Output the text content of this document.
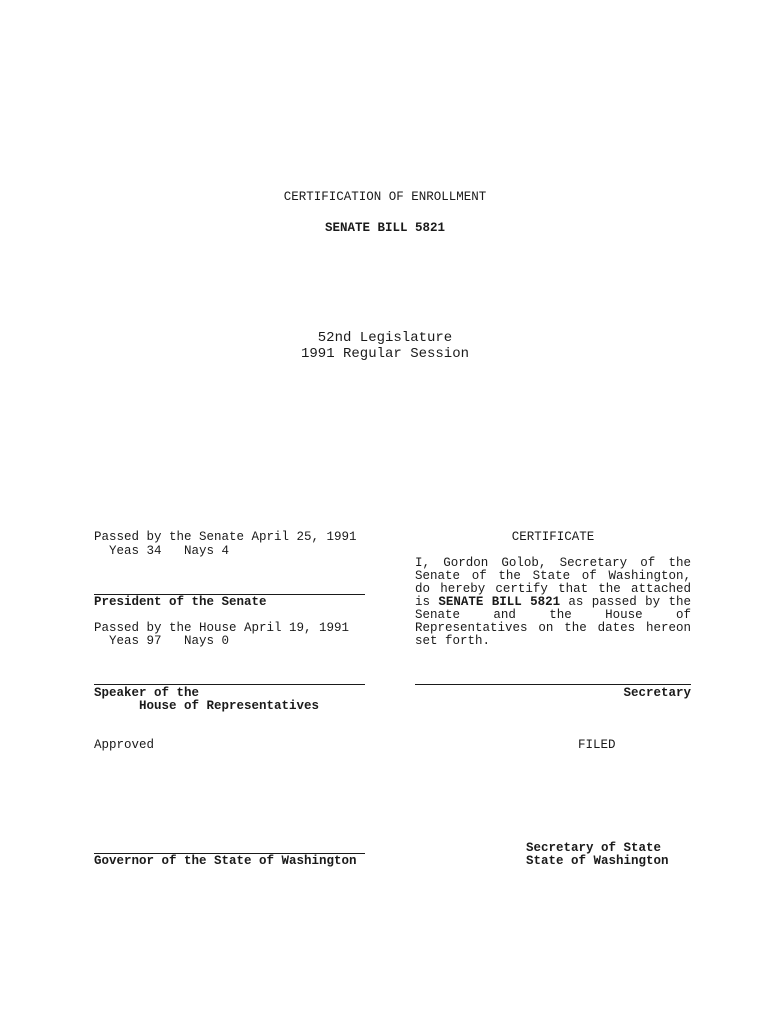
CERTIFICATION OF ENROLLMENT
SENATE BILL 5821
52nd Legislature
1991 Regular Session
Passed by the Senate April 25, 1991
Yeas 34   Nays 4
President of the Senate
Passed by the House April 19, 1991
Yeas 97   Nays 0
Speaker of the
House of Representatives
Approved
Governor of the State of Washington
CERTIFICATE
I, Gordon Golob, Secretary of the Senate of the State of Washington, do hereby certify that the attached is SENATE BILL 5821 as passed by the Senate and the House of Representatives on the dates hereon set forth.
Secretary
FILED
Secretary of State
State of Washington
